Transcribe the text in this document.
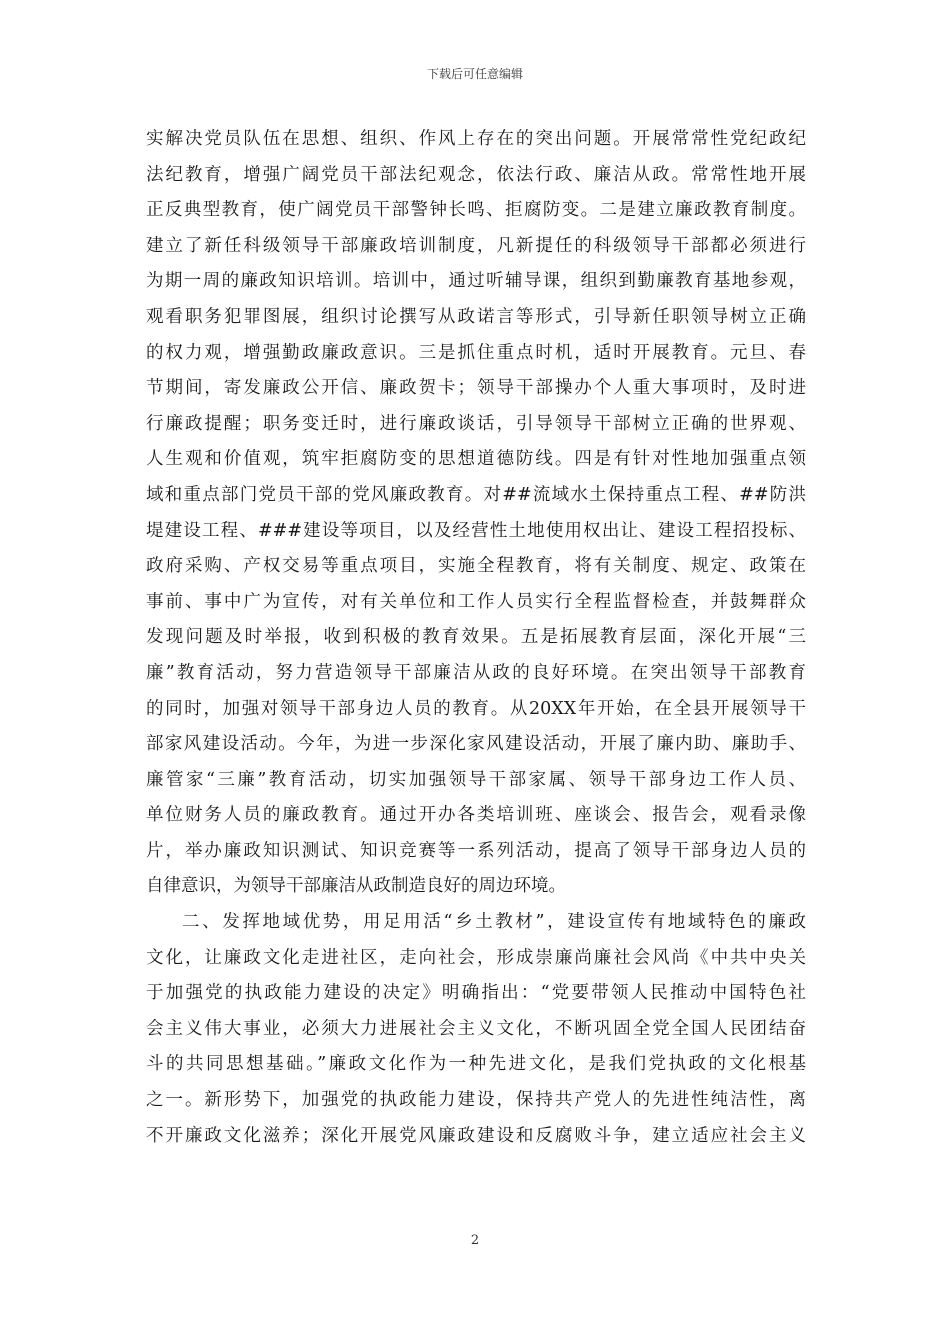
下载后可任意编辑
实解决党员队伍在思想、组织、作风上存在的突出问题。开展常常性党纪政纪
法纪教育，增强广阔党员干部法纪观念，依法行政、廉洁从政。常常性地开展
正反典型教育，使广阔党员干部警钟长鸣、拒腐防变。二是建立廉政教育制度。
建立了新任科级领导干部廉政培训制度，凡新提任的科级领导干部都必须进行
为期一周的廉政知识培训。培训中，通过听辅导课，组织到勤廉教育基地参观，
观看职务犯罪图展，组织讨论撰写从政诺言等形式，引导新任职领导树立正确
的权力观，增强勤政廉政意识。三是抓住重点时机，适时开展教育。元旦、春
节期间，寄发廉政公开信、廉政贺卡；领导干部操办个人重大事项时，及时进
行廉政提醒；职务变迁时，进行廉政谈话，引导领导干部树立正确的世界观、
人生观和价值观，筑牢拒腐防变的思想道德防线。四是有针对性地加强重点领
域和重点部门党员干部的党风廉政教育。对##流域水土保持重点工程、##防洪
堤建设工程、###建设等项目，以及经营性土地使用权出让、建设工程招投标、
政府采购、产权交易等重点项目，实施全程教育，将有关制度、规定、政策在
事前、事中广为宣传，对有关单位和工作人员实行全程监督检查，并鼓舞群众
发现问题及时举报，收到积极的教育效果。五是拓展教育层面，深化开展“三
廉”教育活动，努力营造领导干部廉洁从政的良好环境。在突出领导干部教育
的同时，加强对领导干部身边人员的教育。从20XX年开始，在全县开展领导干
部家风建设活动。今年，为进一步深化家风建设活动，开展了廉内助、廉助手、
廉管家“三廉”教育活动，切实加强领导干部家属、领导干部身边工作人员、
单位财务人员的廉政教育。通过开办各类培训班、座谈会、报告会，观看录像
片，举办廉政知识测试、知识竞赛等一系列活动，提高了领导干部身边人员的
自律意识，为领导干部廉洁从政制造良好的周边环境。
二、发挥地域优势，用足用活“乡土教材”，建设宣传有地域特色的廉政
文化，让廉政文化走进社区，走向社会，形成崇廉尚廉社会风尚《中共中央关
于加强党的执政能力建设的决定》明确指出：“党要带领人民推动中国特色社
会主义伟大事业，必须大力进展社会主义文化，不断巩固全党全国人民团结奋
斗的共同思想基础。”廉政文化作为一种先进文化，是我们党执政的文化根基
之一。新形势下，加强党的执政能力建设，保持共产党人的先进性纯洁性，离
不开廉政文化滋养；深化开展党风廉政建设和反腐败斗争，建立适应社会主义
2
